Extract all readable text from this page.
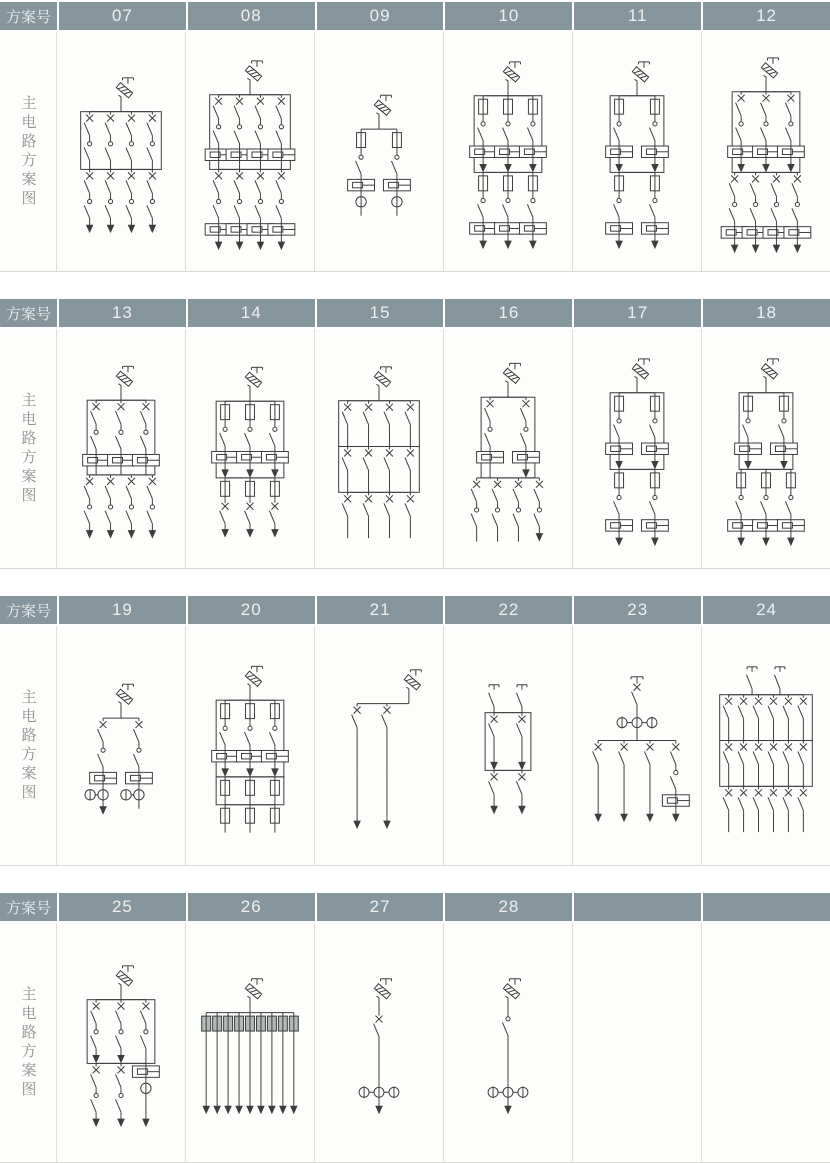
方案号	07	08	09	10	11	12
主电路方案图
方案号	13	14	15	16	17	18
主电路方案图
方案号	19	20	21	22	23	24
主电路方案图
方案号	25	26	27	28
主电路方案图
